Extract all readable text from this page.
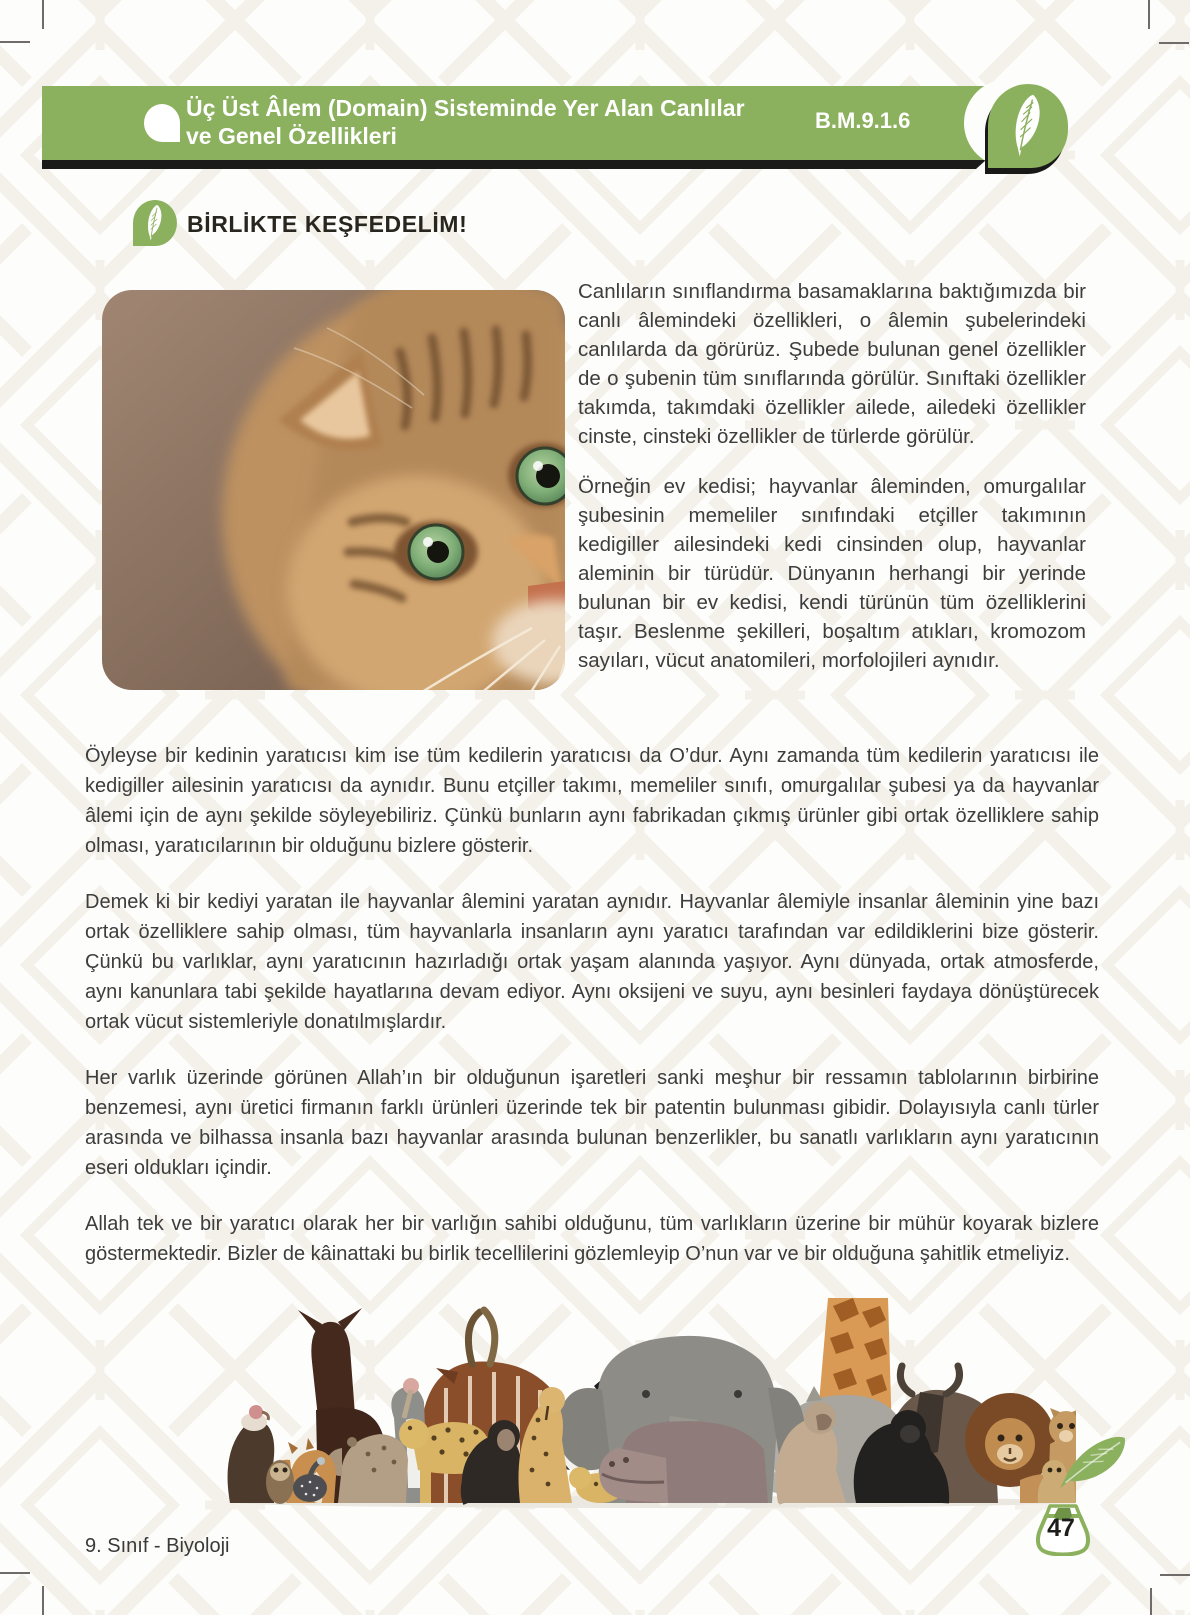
Üç Üst Âlem (Domain) Sisteminde Yer Alan Canlılar
ve Genel Özellikleri
B.M.9.1.6
BİRLİKTE KEŞFEDELİM!

Canlıların sınıflandırma basamaklarına baktığımızda bir canlı âlemindeki özellikleri, o âlemin şubelerindeki canlılarda da görürüz. Şubede bulunan genel özellikler de o şubenin tüm sınıflarında görülür. Sınıftaki özellikler takımda, takımdaki özellikler ailede, ailedeki özellikler cinste, cinsteki özellikler de türlerde görülür.

Örneğin ev kedisi; hayvanlar âleminden, omurgalılar şubesinin memeliler sınıfındaki etçiller takımının kedigiller ailesindeki kedi cinsinden olup, hayvanlar aleminin bir türüdür. Dünyanın herhangi bir yerinde bulunan bir ev kedisi, kendi türünün tüm özelliklerini taşır. Beslenme şekilleri, boşaltım atıkları, kromozom sayıları, vücut anatomileri, morfolojileri aynıdır.

Öyleyse bir kedinin yaratıcısı kim ise tüm kedilerin yaratıcısı da O’dur. Aynı zamanda tüm kedilerin yaratıcısı ile kedigiller ailesinin yaratıcısı da aynıdır. Bunu etçiller takımı, memeliler sınıfı, omurgalılar şubesi ya da hayvanlar âlemi için de aynı şekilde söyleyebiliriz. Çünkü bunların aynı fabrikadan çıkmış ürünler gibi ortak özelliklere sahip olması, yaratıcılarının bir olduğunu bizlere gösterir.

Demek ki bir kediyi yaratan ile hayvanlar âlemini yaratan aynıdır. Hayvanlar âlemiyle insanlar âleminin yine bazı ortak özelliklere sahip olması, tüm hayvanlarla insanların aynı yaratıcı tarafından var edildiklerini bize gösterir. Çünkü bu varlıklar, aynı yaratıcının hazırladığı ortak yaşam alanında yaşıyor. Aynı dünyada, ortak atmosferde, aynı kanunlara tabi şekilde hayatlarına devam ediyor. Aynı oksijeni ve suyu, aynı besinleri faydaya dönüştürecek ortak vücut sistemleriyle donatılmışlardır.

Her varlık üzerinde görünen Allah’ın bir olduğunun işaretleri sanki meşhur bir ressamın tablolarının birbirine benzemesi, aynı üretici firmanın farklı ürünleri üzerinde tek bir patentin bulunması gibidir. Dolayısıyla canlı türler arasında ve bilhassa insanla bazı hayvanlar arasında bulunan benzerlikler, bu sanatlı varlıkların aynı yaratıcının eseri oldukları içindir.

Allah tek ve bir yaratıcı olarak her bir varlığın sahibi olduğunu, tüm varlıkların üzerine bir mühür koyarak bizlere göstermektedir. Bizler de kâinattaki bu birlik tecellilerini gözlemleyip O’nun var ve bir olduğuna şahitlik etmeliyiz.

9. Sınıf - Biyoloji
47
